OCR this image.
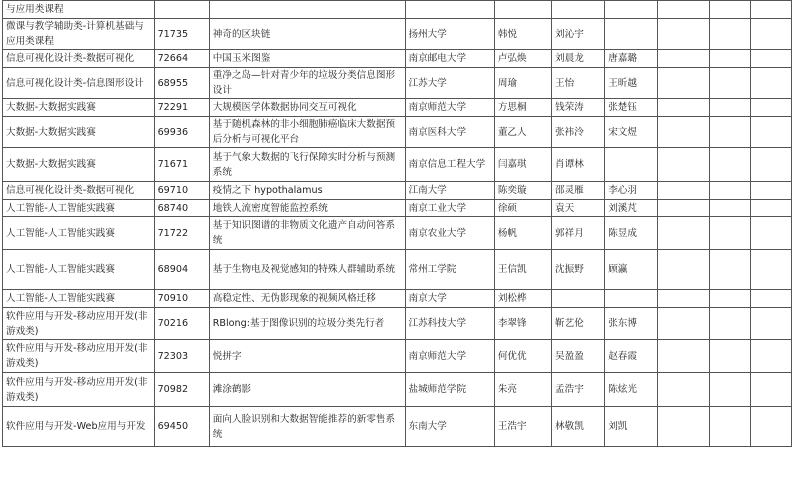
与应用类课程									
微课与教学辅助类-计算机基础与应用类课程	71735	神奇的区块链	扬州大学	韩悦	刘沁宇				
信息可视化设计类-数据可视化	72664	中国玉米图鉴	南京邮电大学	卢弘焕	刘晨龙	唐嘉璐			
信息可视化设计类-信息图形设计	68955	重净之岛—针对青少年的垃圾分类信息图形设计	江苏大学	周瑜	王怡	王昕越			
大数据-大数据实践赛	72291	大规模医学体数据协同交互可视化	南京师范大学	方思桐	钱荣涛	张楚钰			
大数据-大数据实践赛	69936	基于随机森林的非小细胞肺癌临床大数据预后分析与可视化平台	南京医科大学	董乙人	张祎泠	宋文煜			
大数据-大数据实践赛	71671	基于气象大数据的飞行保障实时分析与预测系统	南京信息工程大学	闫嘉琪	肖谭林				
信息可视化设计类-数据可视化	69710	疫情之下 hypothalamus	江南大学	陈奕璇	邵灵雁	李心羽			
人工智能-人工智能实践赛	68740	地铁人流密度智能监控系统	南京工业大学	徐硕	袁天	刘溪芃			
人工智能-人工智能实践赛	71722	基于知识图谱的非物质文化遗产自动问答系统	南京农业大学	杨帆	郭祥月	陈昱成			
人工智能-人工智能实践赛	68904	基于生物电及视觉感知的特殊人群辅助系统	常州工学院	王信凯	沈振野	顾瀛			
人工智能-人工智能实践赛	70910	高稳定性、无伪影现象的视频风格迁移	南京大学	刘松桦					
软件应用与开发-移动应用开发(非游戏类)	70216	RBlong:基于图像识别的垃圾分类先行者	江苏科技大学	李翠锋	靳艺伦	张东博			
软件应用与开发-移动应用开发(非游戏类)	72303	悦拼字	南京师范大学	何优优	吴盈盈	赵春霞			
软件应用与开发-移动应用开发(非游戏类)	70982	滩涂鹤影	盐城师范学院	朱亮	孟浩宇	陈炫光			
软件应用与开发-Web应用与开发	69450	面向人脸识别和大数据智能推荐的新零售系统	东南大学	王浩宇	林敬凯	刘凯			
